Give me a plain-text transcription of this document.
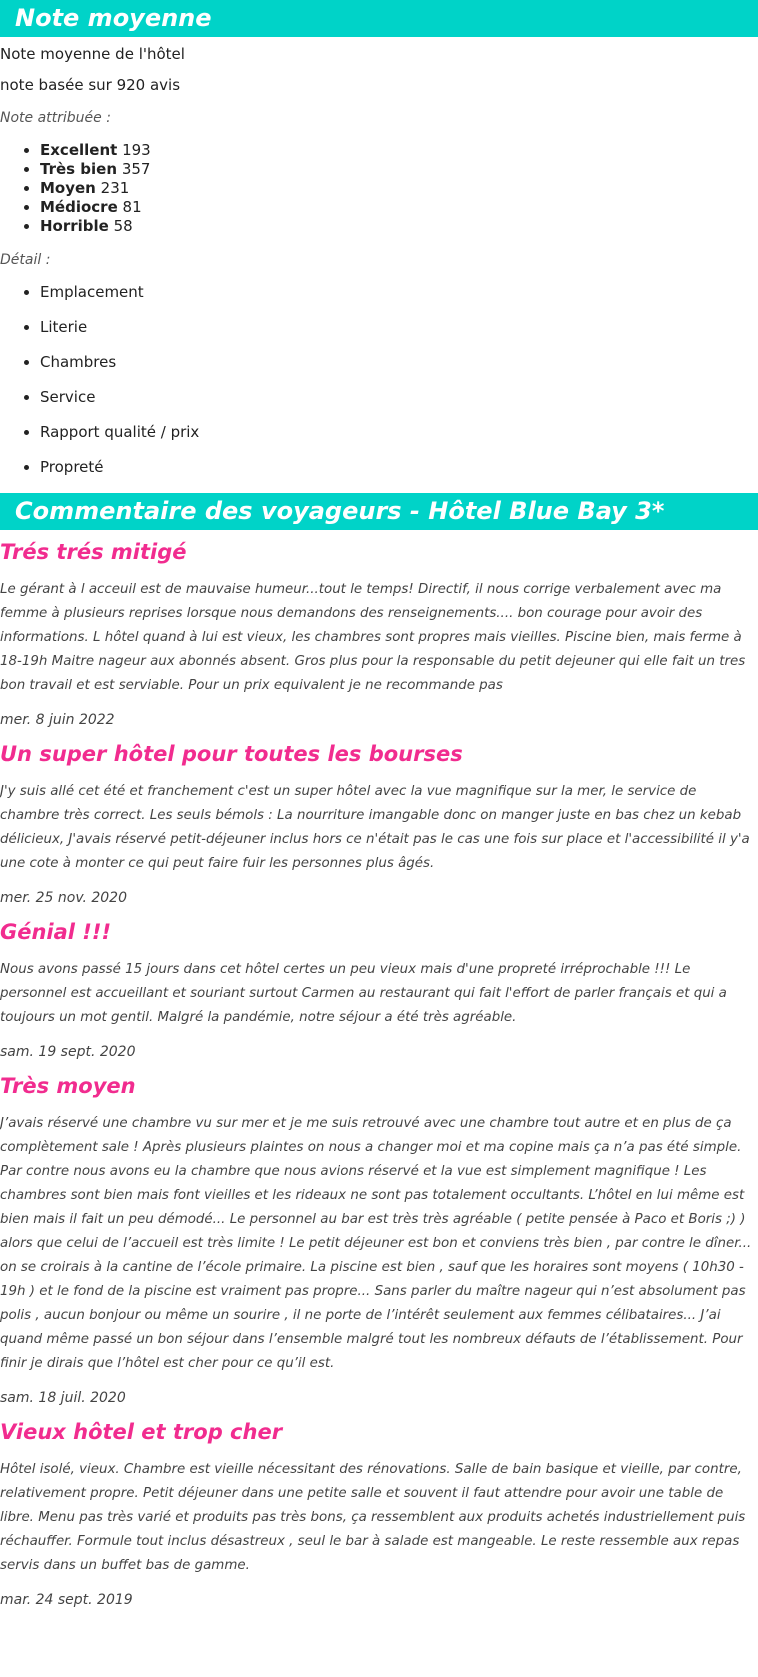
Note moyenne

Note moyenne de l'hôtel

note basée sur 920 avis

Note attribuée :

• Excellent 193
• Très bien 357
• Moyen 231
• Médiocre 81
• Horrible 58

Détail :

• Emplacement
• Literie
• Chambres
• Service
• Rapport qualité / prix
• Propreté
Commentaire des voyageurs - Hôtel Blue Bay 3*
Trés trés mitigé

Le gérant à l acceuil est de mauvaise humeur...tout le temps! Directif, il nous corrige verbalement avec ma femme à plusieurs reprises lorsque nous demandons des renseignements.... bon courage pour avoir des informations. L hôtel quand à lui est vieux, les chambres sont propres mais vieilles. Piscine bien, mais ferme à 18-19h Maitre nageur aux abonnés absent. Gros plus pour la responsable du petit dejeuner qui elle fait un tres bon travail et est serviable. Pour un prix equivalent je ne recommande pas

mer. 8 juin 2022

Un super hôtel pour toutes les bourses

J'y suis allé cet été et franchement c'est un super hôtel avec la vue magnifique sur la mer, le service de chambre très correct. Les seuls bémols : La nourriture imangable donc on manger juste en bas chez un kebab délicieux, J'avais réservé petit-déjeuner inclus hors ce n'était pas le cas une fois sur place et l'accessibilité il y'a une cote à monter ce qui peut faire fuir les personnes plus âgés.

mer. 25 nov. 2020

Génial !!!

Nous avons passé 15 jours dans cet hôtel certes un peu vieux mais d'une propreté irréprochable !!! Le personnel est accueillant et souriant surtout Carmen au restaurant qui fait l'effort de parler français et qui a toujours un mot gentil. Malgré la pandémie, notre séjour a été très agréable.

sam. 19 sept. 2020

Très moyen

J’avais réservé une chambre vu sur mer et je me suis retrouvé avec une chambre tout autre et en plus de ça complètement sale ! Après plusieurs plaintes on nous a changer moi et ma copine mais ça n’a pas été simple. Par contre nous avons eu la chambre que nous avions réservé et la vue est simplement magnifique ! Les chambres sont bien mais font vieilles et les rideaux ne sont pas totalement occultants. L’hôtel en lui même est bien mais il fait un peu démodé... Le personnel au bar est très très agréable ( petite pensée à Paco et Boris ;) ) alors que celui de l’accueil est très limite ! Le petit déjeuner est bon et conviens très bien , par contre le dîner... on se croirais à la cantine de l’école primaire. La piscine est bien , sauf que les horaires sont moyens ( 10h30 - 19h ) et le fond de la piscine est vraiment pas propre... Sans parler du maître nageur qui n’est absolument pas polis , aucun bonjour ou même un sourire , il ne porte de l’intérêt seulement aux femmes célibataires... J’ai quand même passé un bon séjour dans l’ensemble malgré tout les nombreux défauts de l’établissement. Pour finir je dirais que l’hôtel est cher pour ce qu’il est.

sam. 18 juil. 2020

Vieux hôtel et trop cher

Hôtel isolé, vieux. Chambre est vieille nécessitant des rénovations. Salle de bain basique et vieille, par contre, relativement propre. Petit déjeuner dans une petite salle et souvent il faut attendre pour avoir une table de libre. Menu pas très varié et produits pas très bons, ça ressemblent aux produits achetés industriellement puis réchauffer. Formule tout inclus désastreux , seul le bar à salade est mangeable. Le reste ressemble aux repas servis dans un buffet bas de gamme.

mar. 24 sept. 2019
